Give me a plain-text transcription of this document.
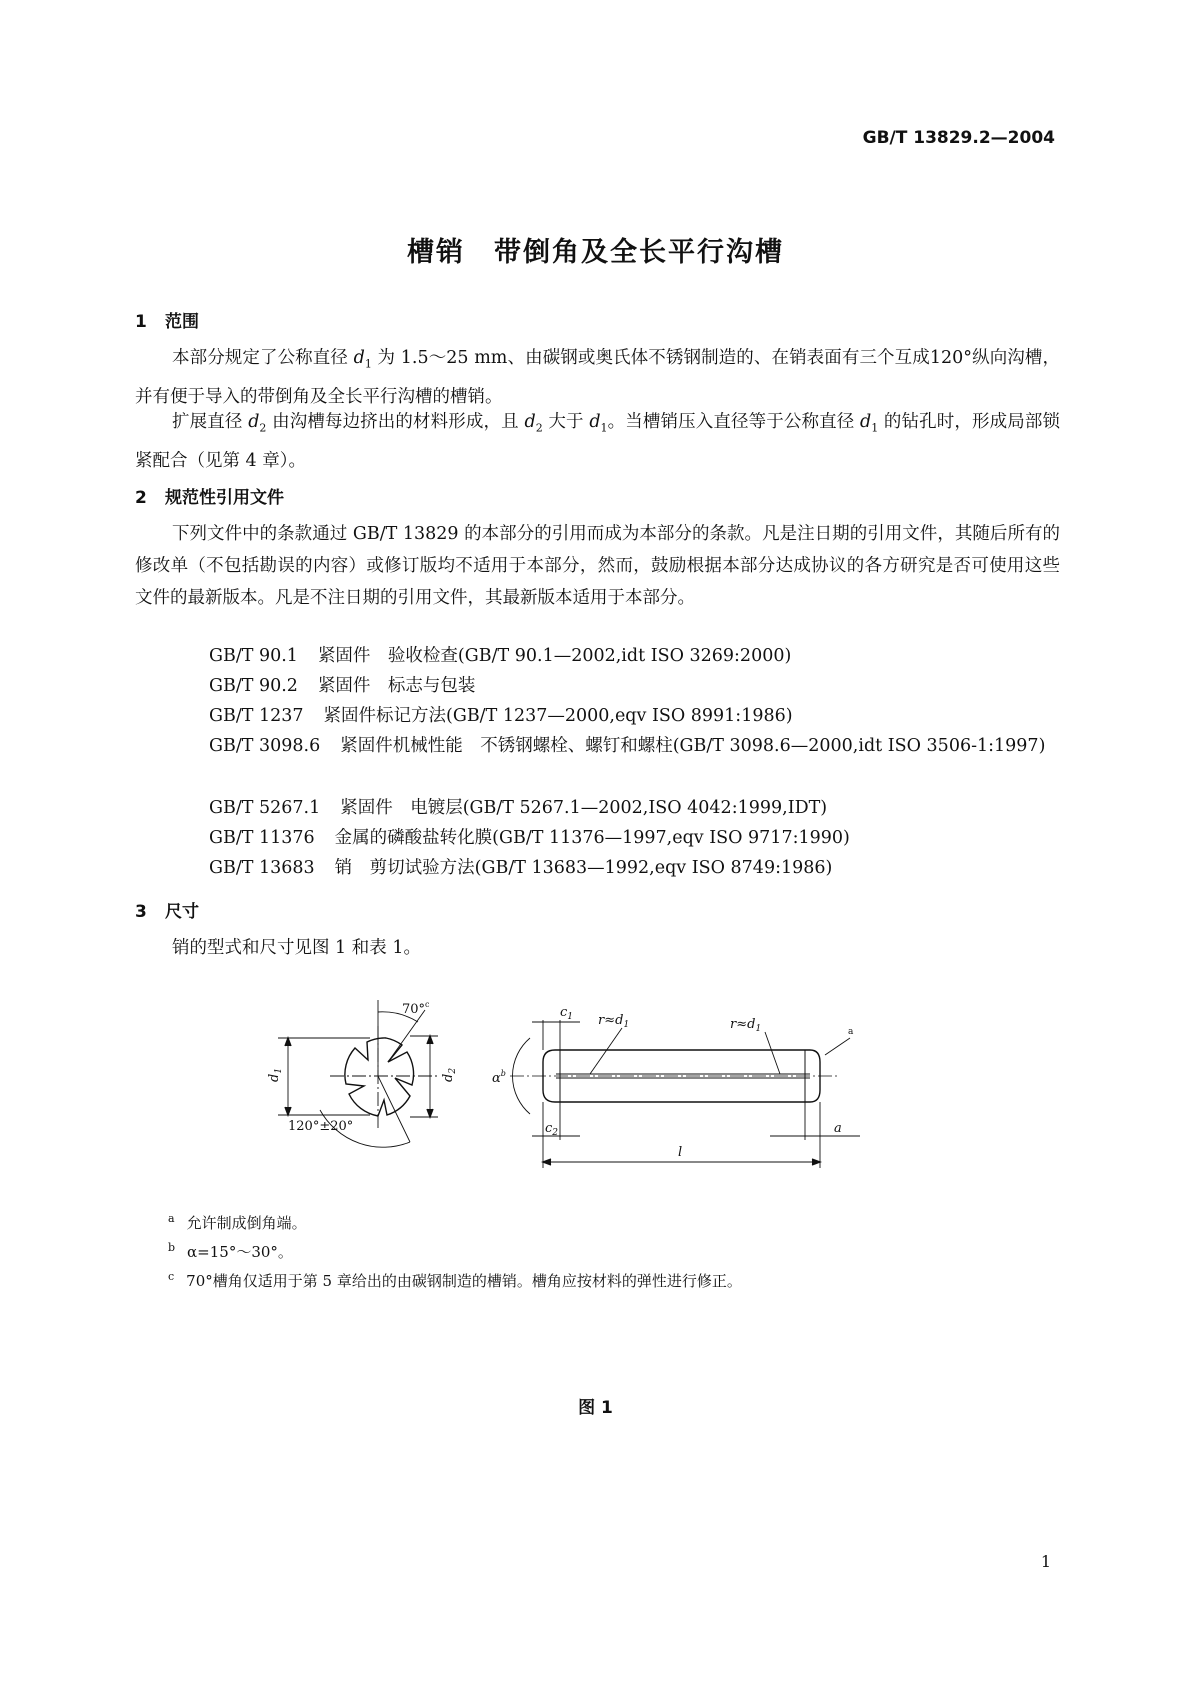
GB/T 13829.2—2004
槽销　带倒角及全长平行沟槽
1 范围

本部分规定了公称直径 $d_1$ 为 1.5～25 mm、由碳钢或奥氏体不锈钢制造的、在销表面有三个互成120°纵向沟槽，并有便于导入的带倒角及全长平行沟槽的槽销。

扩展直径 $d_2$ 由沟槽每边挤出的材料形成，且 $d_2$ 大于 $d_1$。当槽销压入直径等于公称直径 $d_1$ 的钻孔时，形成局部锁紧配合（见第 4 章）。

2 规范性引用文件

下列文件中的条款通过 GB/T 13829 的本部分的引用而成为本部分的条款。凡是注日期的引用文件，其随后所有的修改单（不包括勘误的内容）或修订版均不适用于本部分，然而，鼓励根据本部分达成协议的各方研究是否可使用这些文件的最新版本。凡是不注日期的引用文件，其最新版本适用于本部分。

GB/T 90.1 紧固件　验收检查(GB/T 90.1—2002,idt ISO 3269:2000)
GB/T 90.2 紧固件　标志与包装
GB/T 1237 紧固件标记方法(GB/T 1237—2000,eqv ISO 8991:1986)
GB/T 3098.6 紧固件机械性能　不锈钢螺栓、螺钉和螺柱(GB/T 3098.6—2000,idt ISO 3506-1:1997)
GB/T 5267.1 紧固件　电镀层(GB/T 5267.1—2002,ISO 4042:1999,IDT)
GB/T 11376 金属的磷酸盐转化膜(GB/T 11376—1997,eqv ISO 9717:1990)
GB/T 13683 销　剪切试验方法(GB/T 13683—1992,eqv ISO 8749:1986)
3 尺寸

销的型式和尺寸见图 1 和表 1。

70°$^c$
$d_1$
$d_2$
120°±20°
$c_1$
$c_2$
$r\approx d_1$	$r\approx d_1$	a
$\alpha^b$
a
l
$^a$ 允许制成倒角端。
$^b$ α=15°～30°。
$^c$ 70°槽角仅适用于第 5 章给出的由碳钢制造的槽销。槽角应按材料的弹性进行修正。
图 1
1
